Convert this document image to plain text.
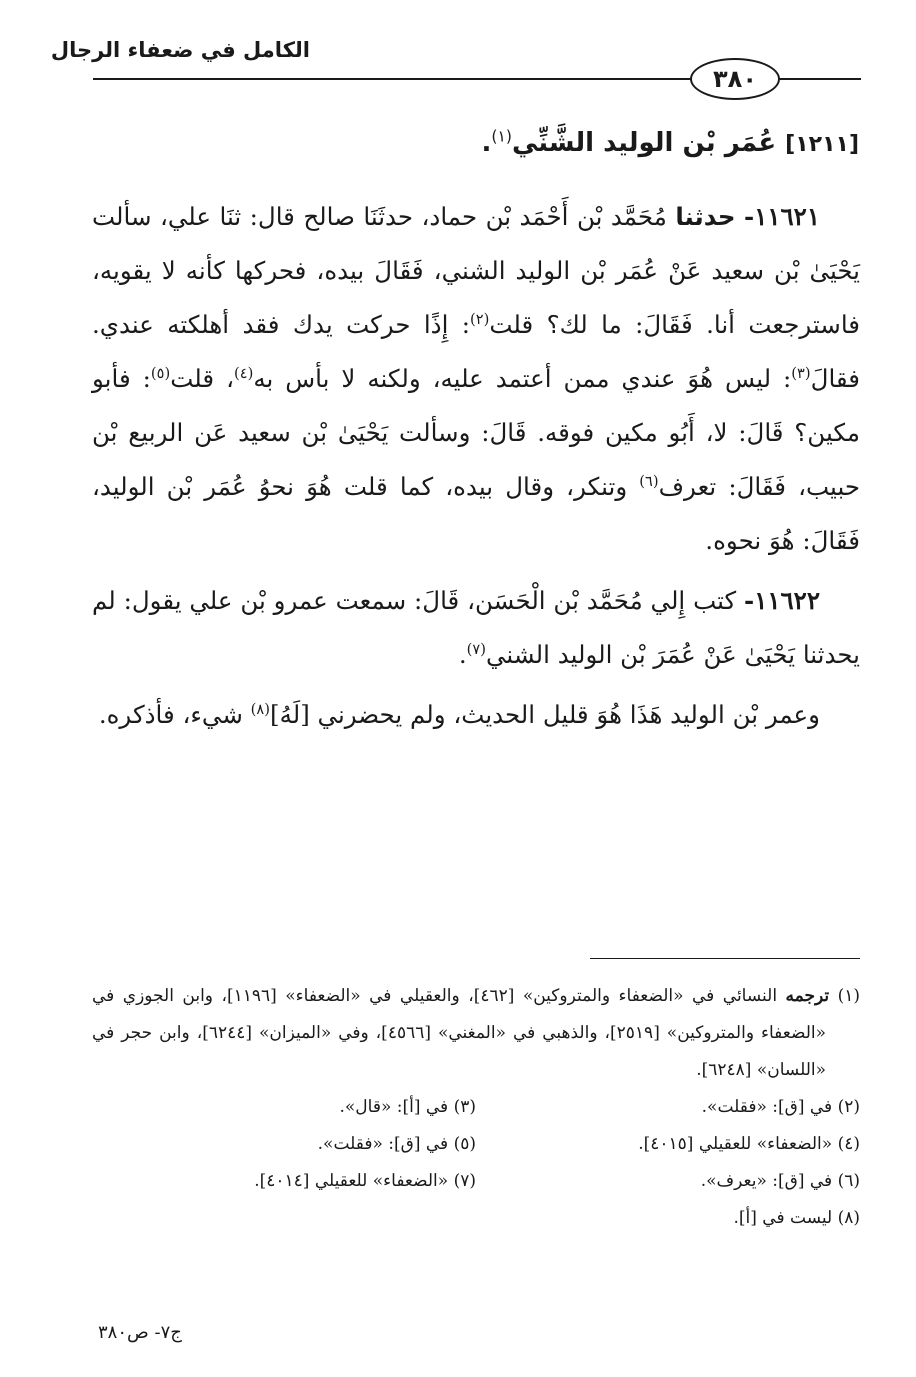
الكامل في ضعفاء الرجال
٣٨٠
[١٢١١] عُمَر بْن الوليد الشَّنِّي$^{(١)}$.

١١٦٢١- حدثنا مُحَمَّد بْن أَحْمَد بْن حماد، حدثَنَا صالح قال: ثنَا علي، سألت يَحْيَىٰ بْن سعيد عَنْ عُمَر بْن الوليد الشني، فَقَالَ بيده، فحركها كأنه لا يقويه، فاسترجعت أنا. فَقَالَ: ما لك؟ قلت$^{(٢)}$: إِذًا حركت يدك فقد أهلكته عندي. فقالَ$^{(٣)}$: ليس هُوَ عندي ممن أعتمد عليه، ولكنه لا بأس به$^{(٤)}$، قلت$^{(٥)}$: فأبو مكين؟ قَالَ: لا، أَبُو مكين فوقه. قَالَ: وسألت يَحْيَىٰ بْن سعيد عَن الربيع بْن حبيب، فَقَالَ: تعرف$^{(٦)}$ وتنكر، وقال بيده، كما قلت هُوَ نحوُ عُمَر بْن الوليد، فَقَالَ: هُوَ نحوه.

١١٦٢٢- كتب إِلي مُحَمَّد بْن الْحَسَن، قَالَ: سمعت عمرو بْن علي يقول: لم يحدثنا يَحْيَىٰ عَنْ عُمَرَ بْن الوليد الشني$^{(٧)}$.

وعمر بْن الوليد هَذَا هُوَ قليل الحديث، ولم يحضرني [لَهُ]$^{(٨)}$ شيء، فأذكره.

(١) ترجمه النسائي في «الضعفاء والمتروكين» [٤٦٢]، والعقيلي في «الضعفاء» [١١٩٦]، وابن الجوزي في «الضعفاء والمتروكين» [٢٥١٩]، والذهبي في «المغني» [٤٥٦٦]، وفي «الميزان» [٦٢٤٤]، وابن حجر في «اللسان» [٦٢٤٨].
(٢) في [ق]: «فقلت».
(٣) في [أ]: «قال».
(٤) «الضعفاء» للعقيلي [٤٠١٥].
(٥) في [ق]: «فقلت».
(٦) في [ق]: «يعرف».
(٧) «الضعفاء» للعقيلي [٤٠١٤].
(٨) ليست في [أ].
ج٧- ص٣٨٠
